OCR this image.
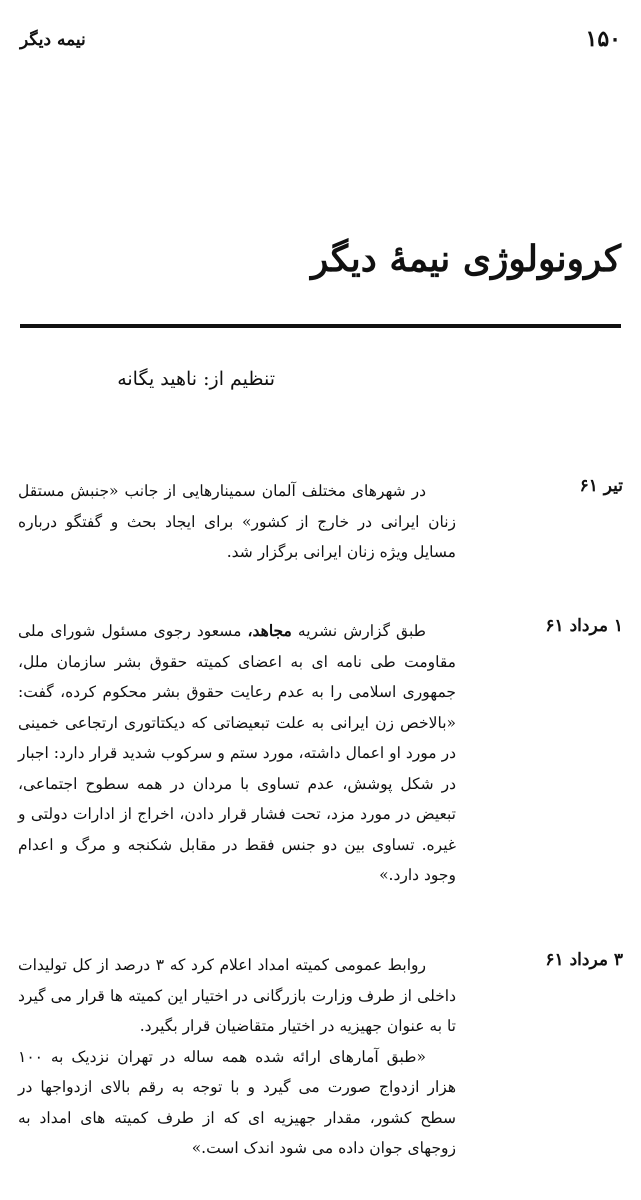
۱۵۰
نیمه دیگر
کرونولوژی نیمهٔ دیگر
تنظیم از: ناهید یگانه
تیر ۶۱

در شهرهای مختلف آلمان سمینارهایی از جانب «جنبش مستقل زنان ایرانی در خارج از کشور» برای ایجاد بحث و گفتگو درباره مسایل ویژه زنان ایرانی برگزار شد.

۱ مرداد ۶۱

طبق گزارش نشریه مجاهد، مسعود رجوی مسئول شورای ملی مقاومت طی نامه ای به اعضای کمیته حقوق بشر سازمان ملل، جمهوری اسلامی را به عدم رعایت حقوق بشر محکوم کرده، گفت: «بالاخص زن ایرانی به علت تبعیضاتی که دیکتاتوری ارتجاعی خمینی در مورد او اعمال داشته، مورد ستم و سرکوب شدید قرار دارد: اجبار در شکل پوشش، عدم تساوی با مردان در همه سطوح اجتماعی، تبعیض در مورد مزد، تحت فشار قرار دادن، اخراج از ادارات دولتی و غیره. تساوی بین دو جنس فقط در مقابل شکنجه و مرگ و اعدام وجود دارد.»

۳ مرداد ۶۱

روابط عمومی کمیته امداد اعلام کرد که ۳ درصد از کل تولیدات داخلی از طرف وزارت بازرگانی در اختیار این کمیته ها قرار می گیرد تا به عنوان جهیزیه در اختیار متقاضیان قرار بگیرد.

«طبق آمارهای ارائه شده همه ساله در تهران نزدیک به ۱۰۰ هزار ازدواج صورت می گیرد و با توجه به رقم بالای ازدواجها در سطح کشور، مقدار جهیزیه ای که از طرف کمیته های امداد به زوجهای جوان داده می شود اندک است.»
